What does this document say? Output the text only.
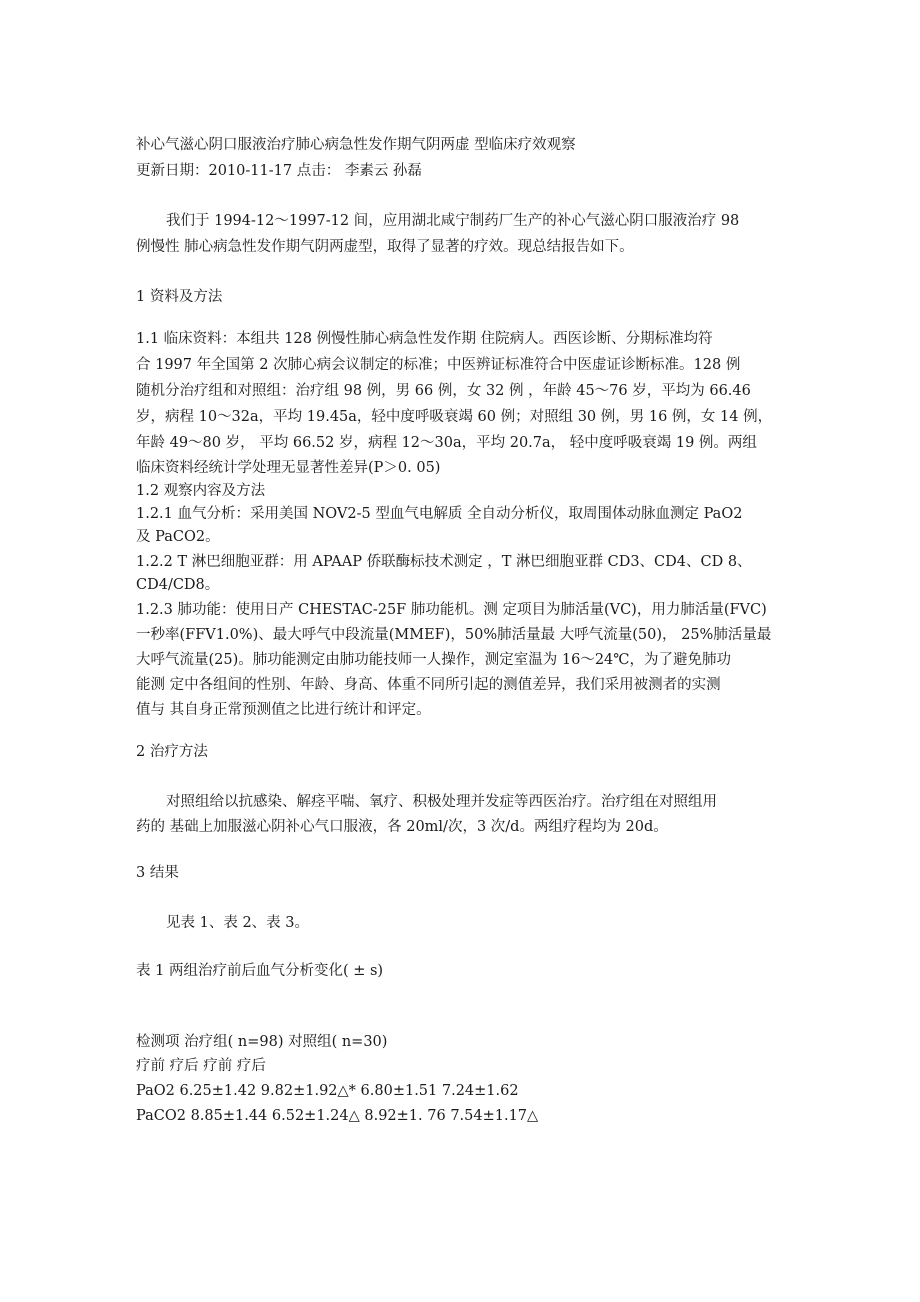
补心气滋心阴口服液治疗肺心病急性发作期气阴两虚 型临床疗效观察
更新日期：2010-11-17 点击： 李素云 孙磊
我们于 1994-12～1997-12 间，应用湖北咸宁制药厂生产的补心气滋心阴口服液治疗 98
例慢性 肺心病急性发作期气阴两虚型，取得了显著的疗效。现总结报告如下。
1 资料及方法
1.1 临床资料：本组共 128 例慢性肺心病急性发作期 住院病人。西医诊断、分期标准均符
合 1997 年全国第 2 次肺心病会议制定的标准；中医辨证标准符合中医虚证诊断标准。128 例
随机分治疗组和对照组：治疗组 98 例，男 66 例，女 32 例 ，年龄 45～76 岁，平均为 66.46
岁，病程 10～32a，平均 19.45a，轻中度呼吸衰竭 60 例；对照组 30 例，男 16 例，女 14 例，
年龄 49～80 岁， 平均 66.52 岁，病程 12～30a，平均 20.7a， 轻中度呼吸衰竭 19 例。两组
临床资料经统计学处理无显著性差异(P＞0. 05)
1.2 观察内容及方法
1.2.1 血气分析：采用美国 NOV2-5 型血气电解质 全自动分析仪，取周围体动脉血测定 PaO2
及 PaCO2。
1.2.2 T 淋巴细胞亚群：用 APAAP 侨联酶标技术测定 ，T 淋巴细胞亚群 CD3、CD4、CD 8、
CD4/CD8。
1.2.3 肺功能：使用日产 CHESTAC-25F 肺功能机。测 定项目为肺活量(VC)，用力肺活量(FVC)
一秒率(FFV1.0%)、最大呼气中段流量(MMEF)，50%肺活量最 大呼气流量(50)， 25%肺活量最
大呼气流量(25)。肺功能测定由肺功能技师一人操作，测定室温为 16～24℃，为了避免肺功
能测 定中各组间的性别、年龄、身高、体重不同所引起的测值差异，我们采用被测者的实测
值与 其自身正常预测值之比进行统计和评定。
2 治疗方法
对照组给以抗感染、解痉平喘、氧疗、积极处理并发症等西医治疗。治疗组在对照组用
药的 基础上加服滋心阴补心气口服液，各 20ml/次，3 次/d。两组疗程均为 20d。
3 结果
见表 1、表 2、表 3。
表 1 两组治疗前后血气分析变化( ± s)
检测项 治疗组( n=98) 对照组( n=30)
疗前 疗后 疗前 疗后
PaO2 6.25±1.42 9.82±1.92△* 6.80±1.51 7.24±1.62
PaCO2 8.85±1.44 6.52±1.24△ 8.92±1. 76 7.54±1.17△
